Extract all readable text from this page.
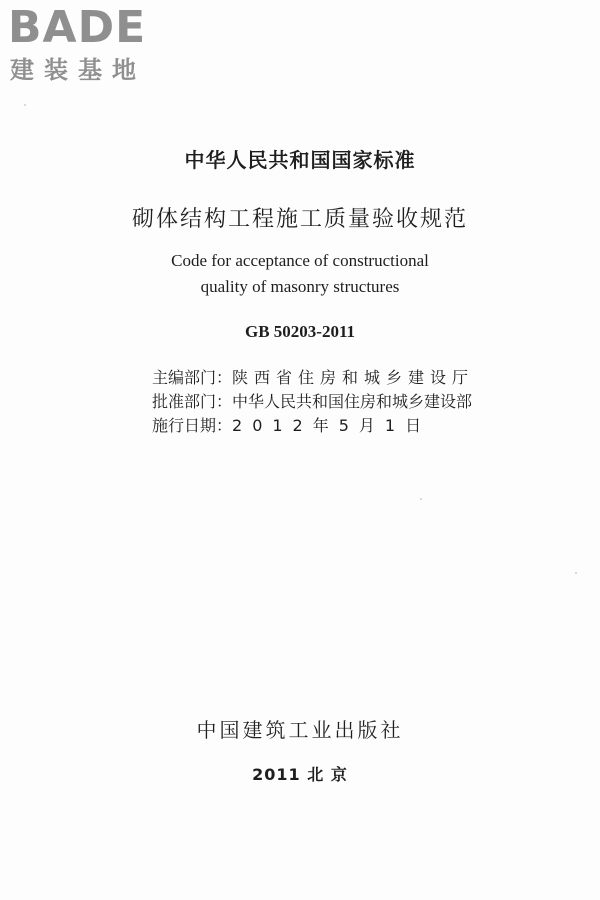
BADE
建装基地
中华人民共和国国家标准
砌体结构工程施工质量验收规范
Code for acceptance of constructional
quality of masonry structures
GB 50203-2011
主编部门：陕西省住房和城乡建设厅
批准部门：中华人民共和国住房和城乡建设部
施行日期：2012年5月1日
中国建筑工业出版社
2011 北 京
